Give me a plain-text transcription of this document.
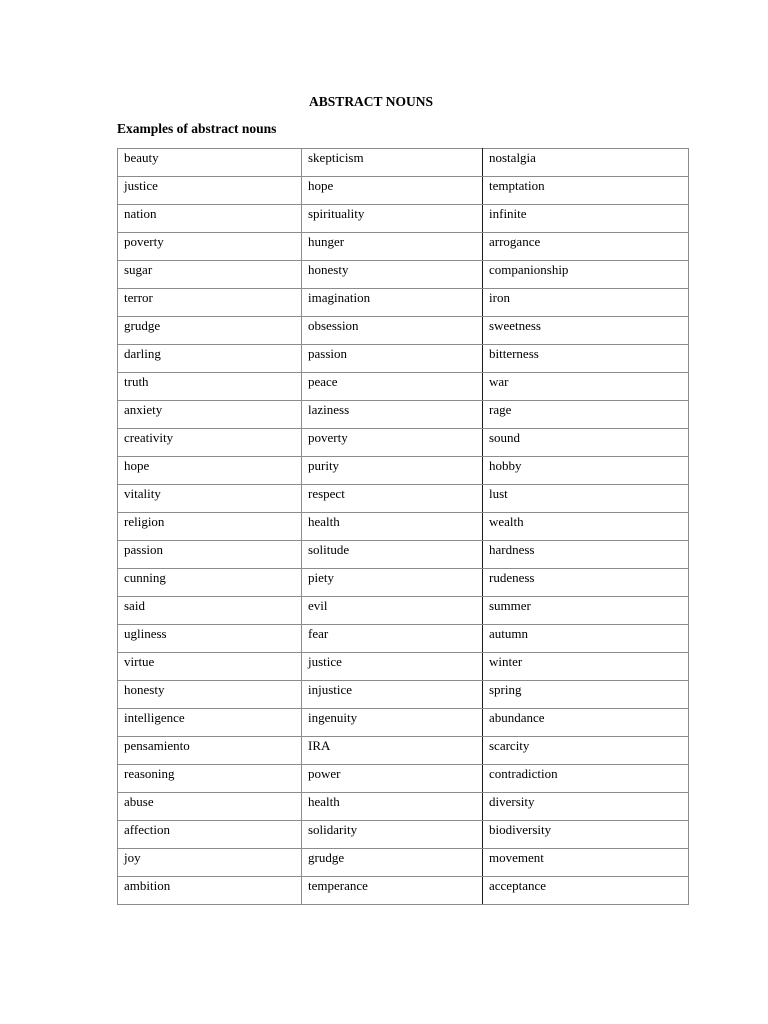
ABSTRACT NOUNS
Examples of abstract nouns
beauty	skepticism	nostalgia
justice	hope	temptation
nation	spirituality	infinite
poverty	hunger	arrogance
sugar	honesty	companionship
terror	imagination	iron
grudge	obsession	sweetness
darling	passion	bitterness
truth	peace	war
anxiety	laziness	rage
creativity	poverty	sound
hope	purity	hobby
vitality	respect	lust
religion	health	wealth
passion	solitude	hardness
cunning	piety	rudeness
said	evil	summer
ugliness	fear	autumn
virtue	justice	winter
honesty	injustice	spring
intelligence	ingenuity	abundance
pensamiento	IRA	scarcity
reasoning	power	contradiction
abuse	health	diversity
affection	solidarity	biodiversity
joy	grudge	movement
ambition	temperance	acceptance
